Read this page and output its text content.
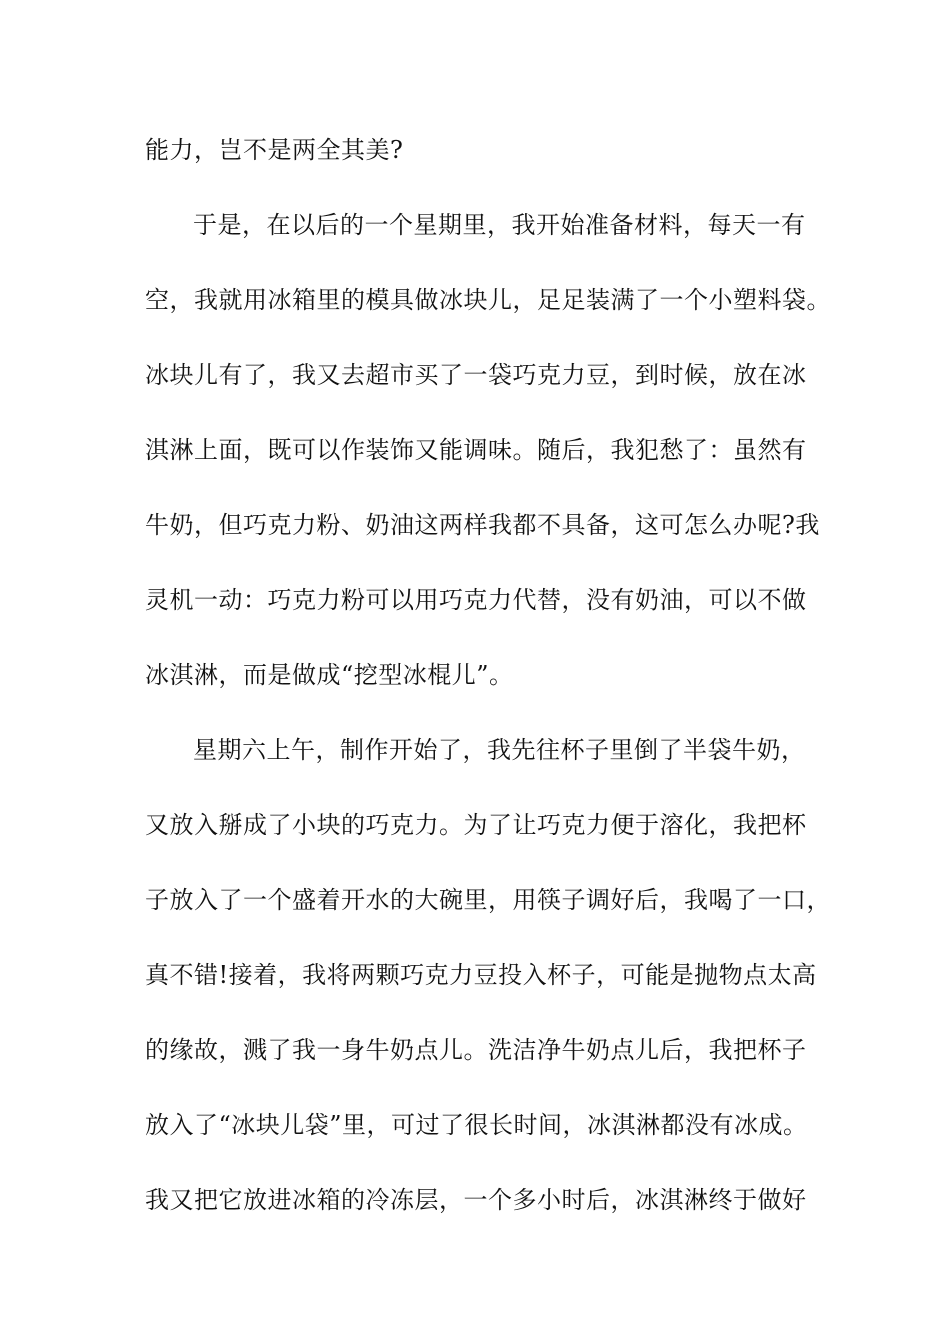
能力，岂不是两全其美?
于是，在以后的一个星期里，我开始准备材料，每天一有
空，我就用冰箱里的模具做冰块儿，足足装满了一个小塑料袋。
冰块儿有了，我又去超市买了一袋巧克力豆，到时候，放在冰
淇淋上面，既可以作装饰又能调味。随后，我犯愁了：虽然有
牛奶，但巧克力粉、奶油这两样我都不具备，这可怎么办呢?我
灵机一动：巧克力粉可以用巧克力代替，没有奶油，可以不做
冰淇淋，而是做成“挖型冰棍儿”。
星期六上午，制作开始了，我先往杯子里倒了半袋牛奶，
又放入掰成了小块的巧克力。为了让巧克力便于溶化，我把杯
子放入了一个盛着开水的大碗里，用筷子调好后，我喝了一口，
真不错!接着，我将两颗巧克力豆投入杯子，可能是抛物点太高
的缘故，溅了我一身牛奶点儿。洗洁净牛奶点儿后，我把杯子
放入了“冰块儿袋”里，可过了很长时间，冰淇淋都没有冰成。
我又把它放进冰箱的冷冻层，一个多小时后，冰淇淋终于做好
